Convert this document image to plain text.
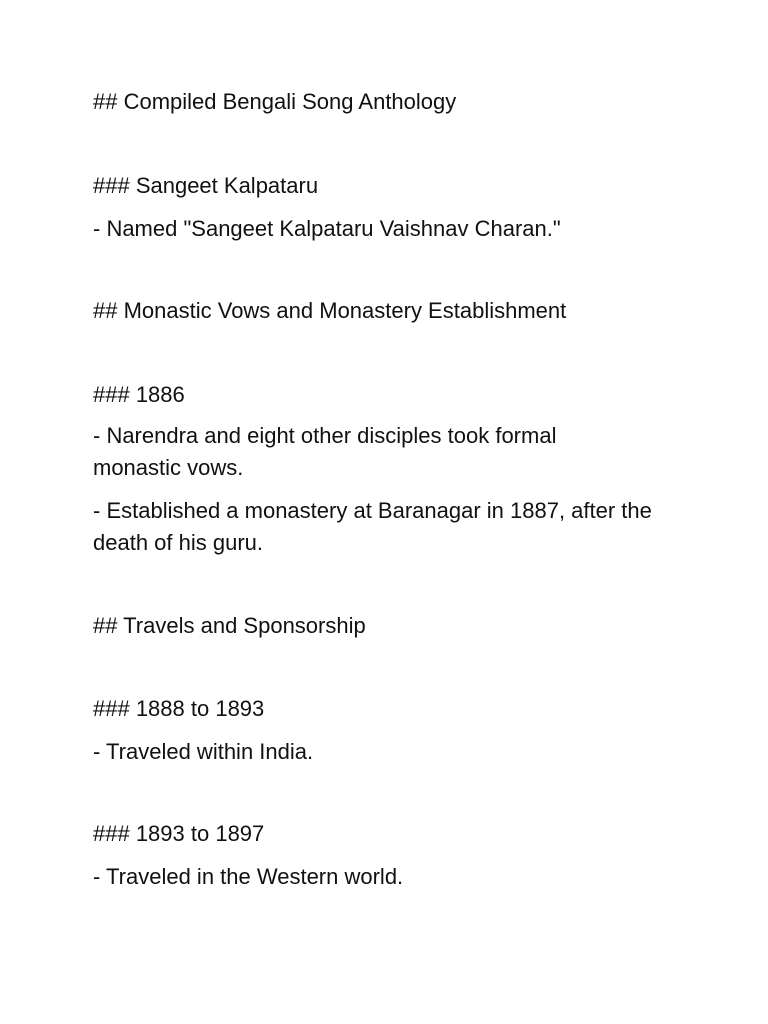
## Compiled Bengali Song Anthology

### Sangeet Kalpataru

- Named "Sangeet Kalpataru Vaishnav Charan."

## Monastic Vows and Monastery Establishment

### 1886

- Narendra and eight other disciples took formal monastic vows.

- Established a monastery at Baranagar in 1887, after the death of his guru.

## Travels and Sponsorship

### 1888 to 1893

- Traveled within India.

### 1893 to 1897

- Traveled in the Western world.
